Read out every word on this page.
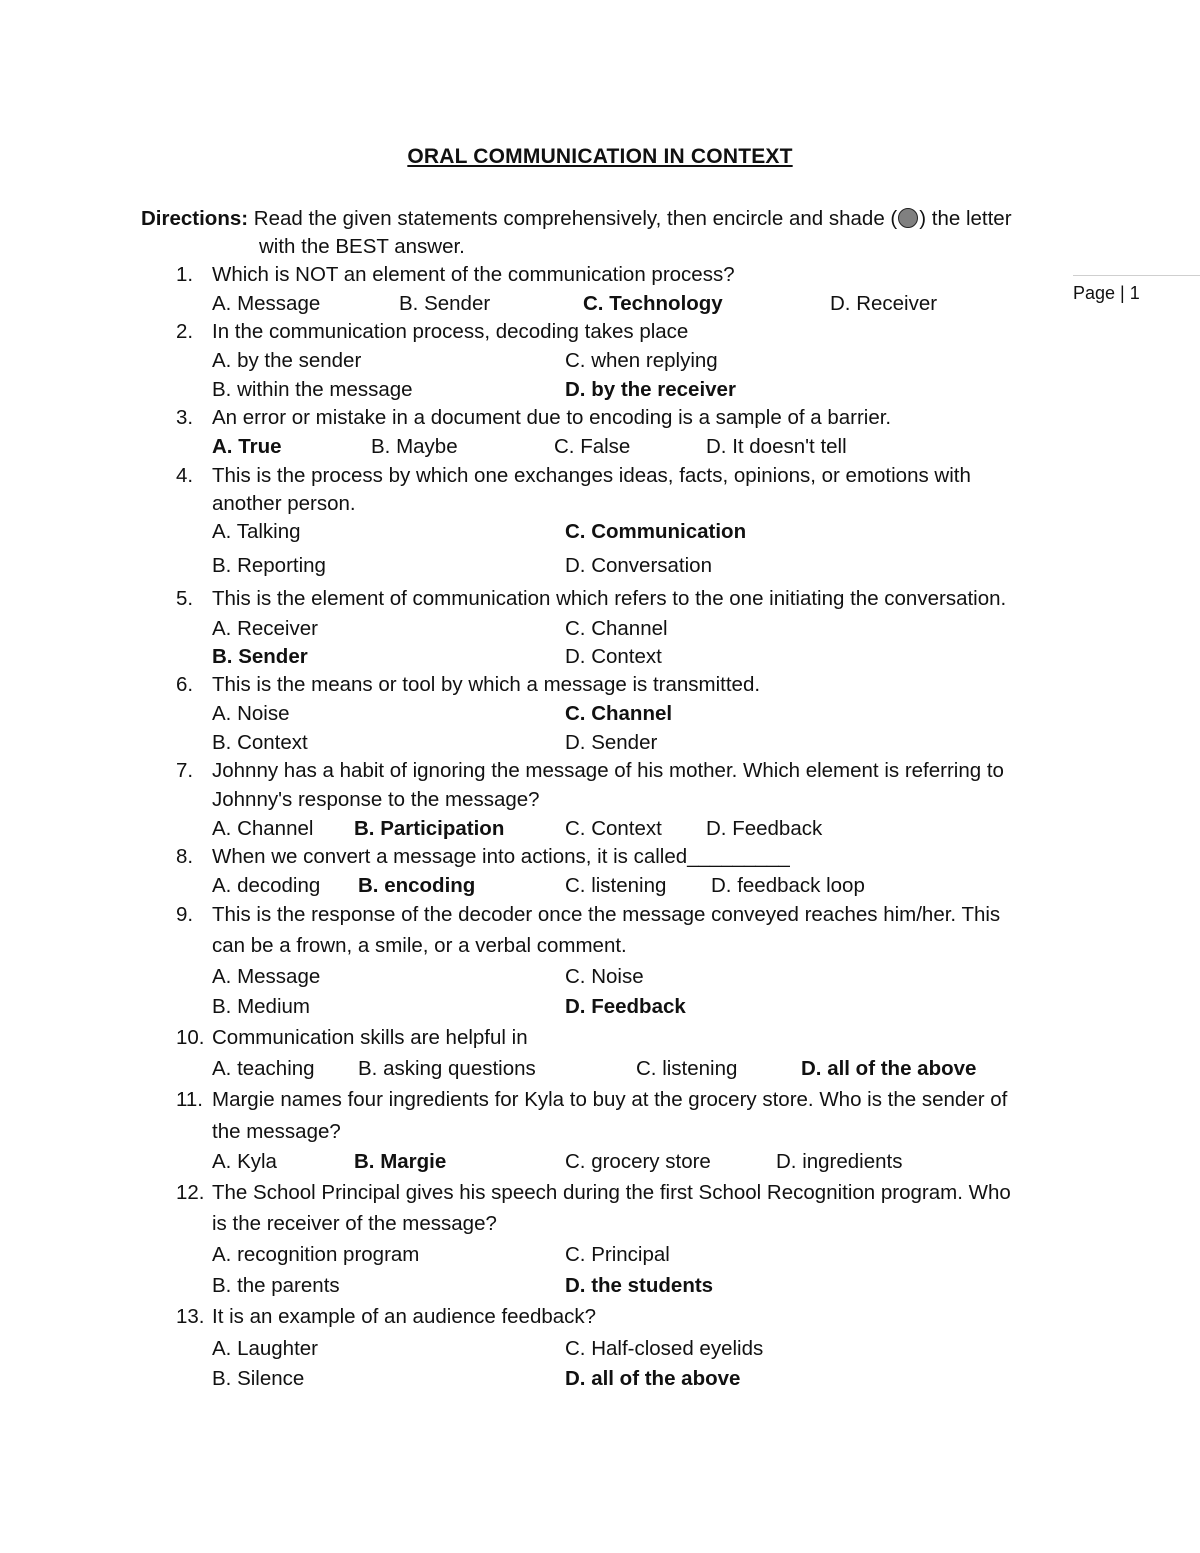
ORAL COMMUNICATION IN CONTEXT
Directions: Read the given statements comprehensively, then encircle and shade ( ) the letter
with the BEST answer.
Page | 1
1. Which is NOT an element of the communication process?
A. Message	B. Sender	C. Technology	D. Receiver
2. In the communication process, decoding takes place
A. by the sender	C. when replying
B. within the message	D. by the receiver
3. An error or mistake in a document due to encoding is a sample of a barrier.
A. True	B. Maybe	C. False	D. It doesn't tell
4. This is the process by which one exchanges ideas, facts, opinions, or emotions with
another person.
A. Talking	C. Communication
B. Reporting	D. Conversation
5. This is the element of communication which refers to the one initiating the conversation.
A. Receiver	C. Channel
B. Sender	D. Context
6. This is the means or tool by which a message is transmitted.
A. Noise	C. Channel
B. Context	D. Sender
7. Johnny has a habit of ignoring the message of his mother. Which element is referring to
Johnny's response to the message?
A. Channel B. Participation	C. Context D. Feedback
8. When we convert a message into actions, it is called_________
A. decoding B. encoding	C. listening D. feedback loop
9. This is the response of the decoder once the message conveyed reaches him/her. This
can be a frown, a smile, or a verbal comment.
A. Message	C. Noise
B. Medium	D. Feedback
10. Communication skills are helpful in
A. teaching B. asking questions	C. listening	D. all of the above
11. Margie names four ingredients for Kyla to buy at the grocery store. Who is the sender of
the message?
A. Kyla	B. Margie	C. grocery store	D. ingredients
12. The School Principal gives his speech during the first School Recognition program. Who
is the receiver of the message?
A. recognition program	C. Principal
B. the parents	D. the students
13. It is an example of an audience feedback?
A. Laughter	C. Half-closed eyelids
B. Silence	D. all of the above
